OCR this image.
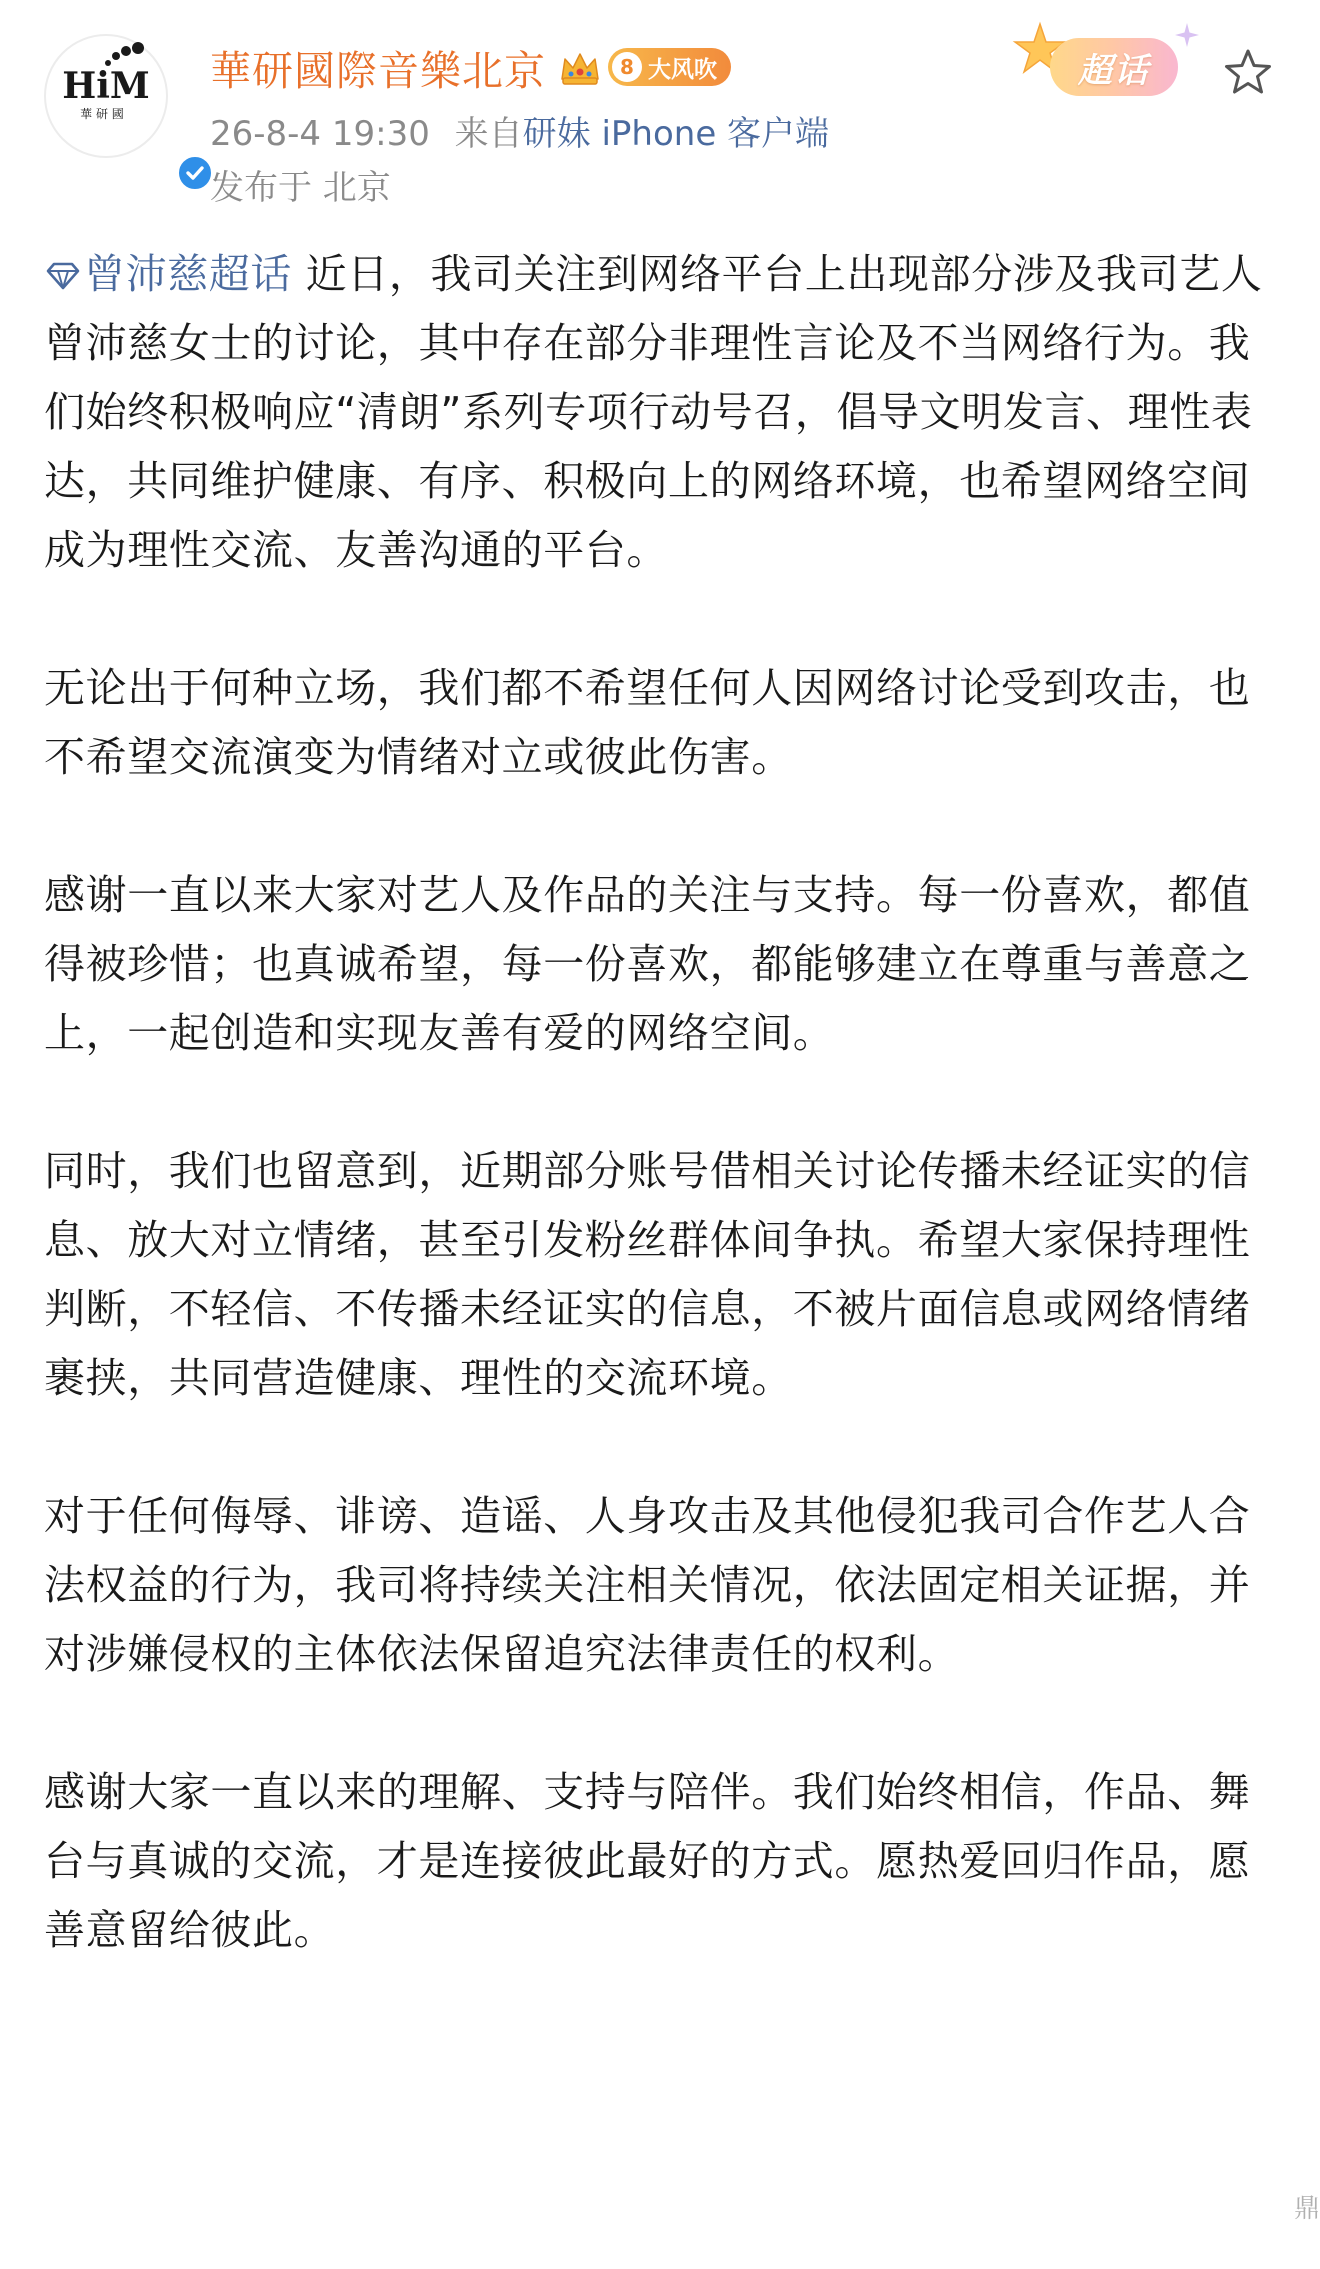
HiM
華 研 國
華研國際音樂北京	8 大风吹
26-8-4 19:30 来自研妹 iPhone 客户端
发布于 北京
超话

曾沛慈超话 近日，我司关注到网络平台上出现部分涉及我司艺人曾沛慈女士的讨论，其中存在部分非理性言论及不当网络行为。我们始终积极响应“清朗”系列专项行动号召，倡导文明发言、理性表达，共同维护健康、有序、积极向上的网络环境，也希望网络空间成为理性交流、友善沟通的平台。

无论出于何种立场，我们都不希望任何人因网络讨论受到攻击，也不希望交流演变为情绪对立或彼此伤害。

感谢一直以来大家对艺人及作品的关注与支持。每一份喜欢，都值得被珍惜；也真诚希望，每一份喜欢，都能够建立在尊重与善意之上，一起创造和实现友善有爱的网络空间。

同时，我们也留意到，近期部分账号借相关讨论传播未经证实的信息、放大对立情绪，甚至引发粉丝群体间争执。希望大家保持理性判断，不轻信、不传播未经证实的信息，不被片面信息或网络情绪裹挟，共同营造健康、理性的交流环境。

对于任何侮辱、诽谤、造谣、人身攻击及其他侵犯我司合作艺人合法权益的行为，我司将持续关注相关情况，依法固定相关证据，并对涉嫌侵权的主体依法保留追究法律责任的权利。

感谢大家一直以来的理解、支持与陪伴。我们始终相信，作品、舞台与真诚的交流，才是连接彼此最好的方式。愿热爱回归作品，愿善意留给彼此。

鼎
